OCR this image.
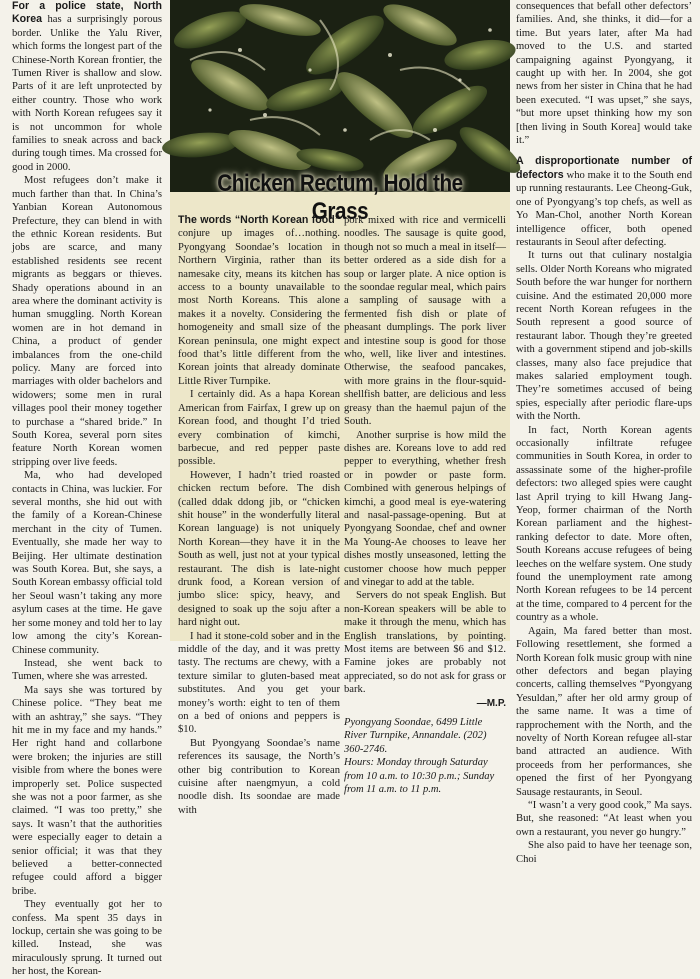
For a police state, North Korea has a surprisingly porous border. Unlike the Yalu River, which forms the longest part of the Chinese-North Korean frontier, the Tumen River is shallow and slow. Parts of it are left unprotected by either country. Those who work with North Korean refugees say it is not uncommon for whole families to sneak across and back during tough times. Ma crossed for good in 2000.

Most refugees don’t make it much farther than that. In China’s Yanbian Korean Autonomous Prefecture, they can blend in with the ethnic Korean residents. But jobs are scarce, and many established residents see recent migrants as beggars or thieves. Shady operations abound in an area where the dominant activity is human smuggling. North Korean women are in hot demand in China, a product of gender imbalances from the one-child policy. Many are forced into marriages with older bachelors and widowers; some men in rural villages pool their money together to purchase a “shared bride.” In South Korea, several porn sites feature North Korean women stripping over live feeds.

Ma, who had developed contacts in China, was luckier. For several months, she hid out with the family of a Korean-Chinese merchant in the city of Tumen. Eventually, she made her way to Beijing. Her ultimate destination was South Korea. But, she says, a South Korean embassy official told her Seoul wasn’t taking any more asylum cases at the time. He gave her some money and told her to lay low among the city’s Korean-Chinese community.

Instead, she went back to Tumen, where she was arrested.

Ma says she was tortured by Chinese police. “They beat me with an ashtray,” she says. “They hit me in my face and my hands.” Her right hand and collarbone were broken; the injuries are still visible from where the bones were improperly set. Police suspected she was not a poor farmer, as she claimed. “I was too pretty,” she says. It wasn’t that the authorities were especially eager to detain a senior official; it was that they believed a better-connected refugee could afford a bigger bribe.

They eventually got her to confess. Ma spent 35 days in lockup, certain she was going to be killed. Instead, she was miraculously sprung. It turned out her host, the Korean-

Chicken Rectum, Hold the Grass

The words “North Korean food” conjure up images of…nothing. Pyongyang Soondae’s location in Northern Virginia, rather than its namesake city, means its kitchen has access to a bounty unavailable to most North Koreans. This alone makes it a novelty. Considering the homogeneity and small size of the Korean peninsula, one might expect food that’s little different from the Korean joints that already dominate Little River Turnpike.

I certainly did. As a hapa Korean American from Fairfax, I grew up on Korean food, and thought I’d tried every combination of kimchi, barbecue, and red pepper paste possible.

However, I hadn’t tried roasted chicken rectum before. The dish (called ddak ddong jib, or “chicken shit house” in the wonderfully literal Korean language) is not uniquely North Korean—they have it in the South as well, just not at your typical restaurant. The dish is late-night drunk food, a Korean version of jumbo slice: spicy, heavy, and designed to soak up the soju after a hard night out.

I had it stone-cold sober and in the middle of the day, and it was pretty tasty. The rectums are chewy, with a texture similar to gluten-based meat substitutes. And you get your money’s worth: eight to ten of them on a bed of onions and peppers is $10.

But Pyongyang Soondae’s name references its sausage, the North’s other big contribution to Korean cuisine after naengmyun, a cold noodle dish. Its soondae are made with

pork mixed with rice and vermicelli noodles. The sausage is quite good, though not so much a meal in itself—better ordered as a side dish for a soup or larger plate. A nice option is the soondae regular meal, which pairs a sampling of sausage with a fermented fish dish or plate of pheasant dumplings. The pork liver and intestine soup is good for those who, well, like liver and intestines. Otherwise, the seafood pancakes, with more grains in the flour-squid-shellfish batter, are delicious and less greasy than the haemul pajun of the South.

Another surprise is how mild the dishes are. Koreans love to add red pepper to everything, whether fresh or in powder or paste form. Combined with generous helpings of kimchi, a good meal is eye-watering and nasal-passage-opening. But at Pyongyang Soondae, chef and owner Ma Young-Ae chooses to leave her dishes mostly unseasoned, letting the customer choose how much pepper and vinegar to add at the table.

Servers do not speak English. But non-Korean speakers will be able to make it through the menu, which has English translations, by pointing. Most items are between $6 and $12. Famine jokes are probably not appreciated, so do not ask for grass or bark.

—M.P.

Pyongyang Soondae, 6499 Little River Turnpike, Annandale. (202) 360-2746.
Hours: Monday through Saturday from 10 a.m. to 10:30 p.m.; Sunday from 11 a.m. to 11 p.m.

consequences that befall other defectors’ families. And, she thinks, it did—for a time. But years later, after Ma had moved to the U.S. and started campaigning against Pyongyang, it caught up with her. In 2004, she got news from her sister in China that he had been executed. “I was upset,” she says, “but more upset thinking how my son [then living in South Korea] would take it.”

A disproportionate number of defectors who make it to the South end up running restaurants. Lee Cheong-Guk, one of Pyongyang’s top chefs, as well as Yo Man-Chol, another North Korean intelligence officer, both opened restaurants in Seoul after defecting.

It turns out that culinary nostalgia sells. Older North Koreans who migrated South before the war hunger for northern cuisine. And the estimated 20,000 more recent North Korean refugees in the South represent a good source of restaurant labor. Though they’re greeted with a government stipend and job-skills classes, many also face prejudice that makes salaried employment tough. They’re sometimes accused of being spies, especially after periodic flare-ups with the North.

In fact, North Korean agents occasionally infiltrate refugee communities in South Korea, in order to assassinate some of the higher-profile defectors: two alleged spies were caught last April trying to kill Hwang Jang-Yeop, former chairman of the North Korean parliament and the highest-ranking defector to date. More often, South Koreans accuse refugees of being leeches on the welfare system. One study found the unemployment rate among North Korean refugees to be 14 percent at the time, compared to 4 percent for the country as a whole.

Again, Ma fared better than most. Following resettlement, she formed a North Korean folk music group with nine other defectors and began playing concerts, calling themselves “Pyongyang Yesuldan,” after her old army group of the same name. It was a time of rapprochement with the North, and the novelty of North Korean refugee all-star band attracted an audience. With proceeds from her performances, she opened the first of her Pyongyang Sausage restaurants, in Seoul.

“I wasn’t a very good cook,” Ma says. But, she reasoned: “At least when you own a restaurant, you never go hungry.”

She also paid to have her teenage son, Choi
